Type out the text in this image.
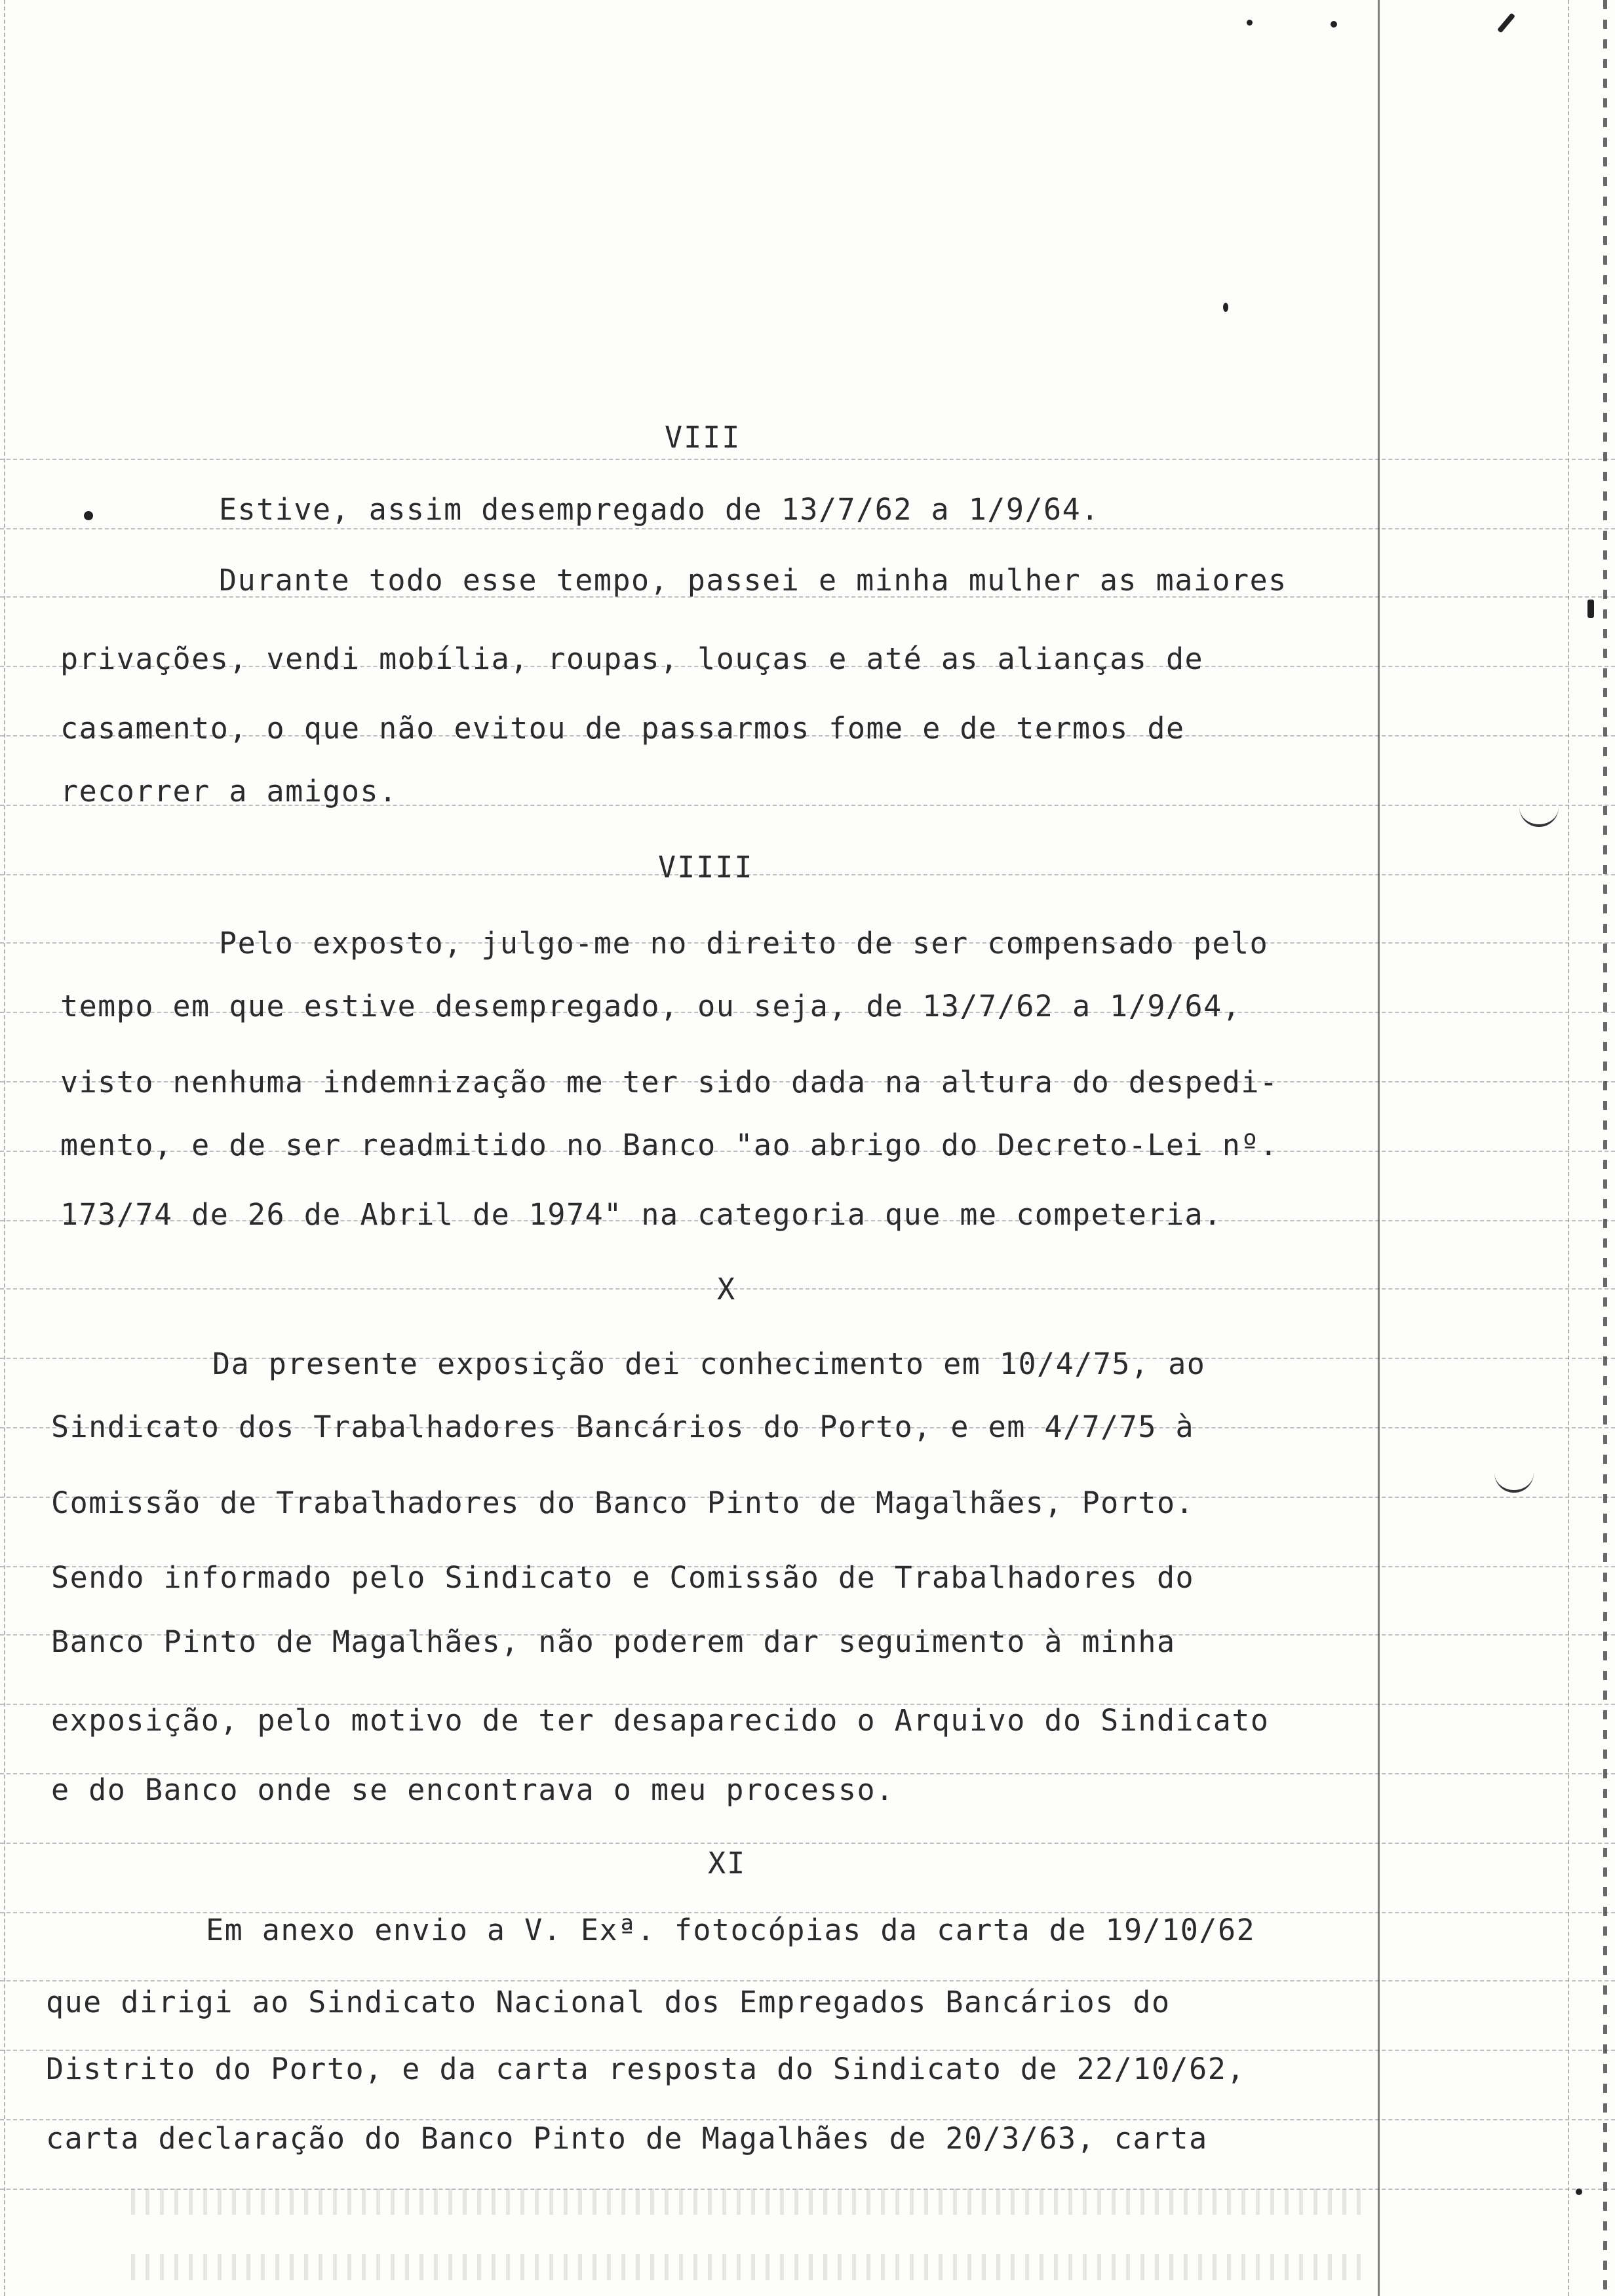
VIII
Estive, assim desempregado de 13/7/62 a 1/9/64.
Durante todo esse tempo, passei e minha mulher as maiores
privações, vendi mobília, roupas, louças e até as alianças de
casamento, o que não evitou de passarmos fome e de termos de
recorrer a amigos.
VIIII
Pelo exposto, julgo-me no direito de ser compensado pelo
tempo em que estive desempregado, ou seja, de 13/7/62 a 1/9/64,
visto nenhuma indemnização me ter sido dada na altura do despedi-
mento, e de ser readmitido no Banco "ao abrigo do Decreto-Lei nº.
173/74 de 26 de Abril de 1974" na categoria que me competeria.
X
Da presente exposição dei conhecimento em 10/4/75, ao
Sindicato dos Trabalhadores Bancários do Porto, e em 4/7/75 à
Comissão de Trabalhadores do Banco Pinto de Magalhães, Porto.
Sendo informado pelo Sindicato e Comissão de Trabalhadores do
Banco Pinto de Magalhães, não poderem dar seguimento à minha
exposição, pelo motivo de ter desaparecido o Arquivo do Sindicato
e do Banco onde se encontrava o meu processo.
XI
Em anexo envio a V. Exª. fotocópias da carta de 19/10/62
que dirigi ao Sindicato Nacional dos Empregados Bancários do
Distrito do Porto, e da carta resposta do Sindicato de 22/10/62,
carta declaração do Banco Pinto de Magalhães de 20/3/63, carta
